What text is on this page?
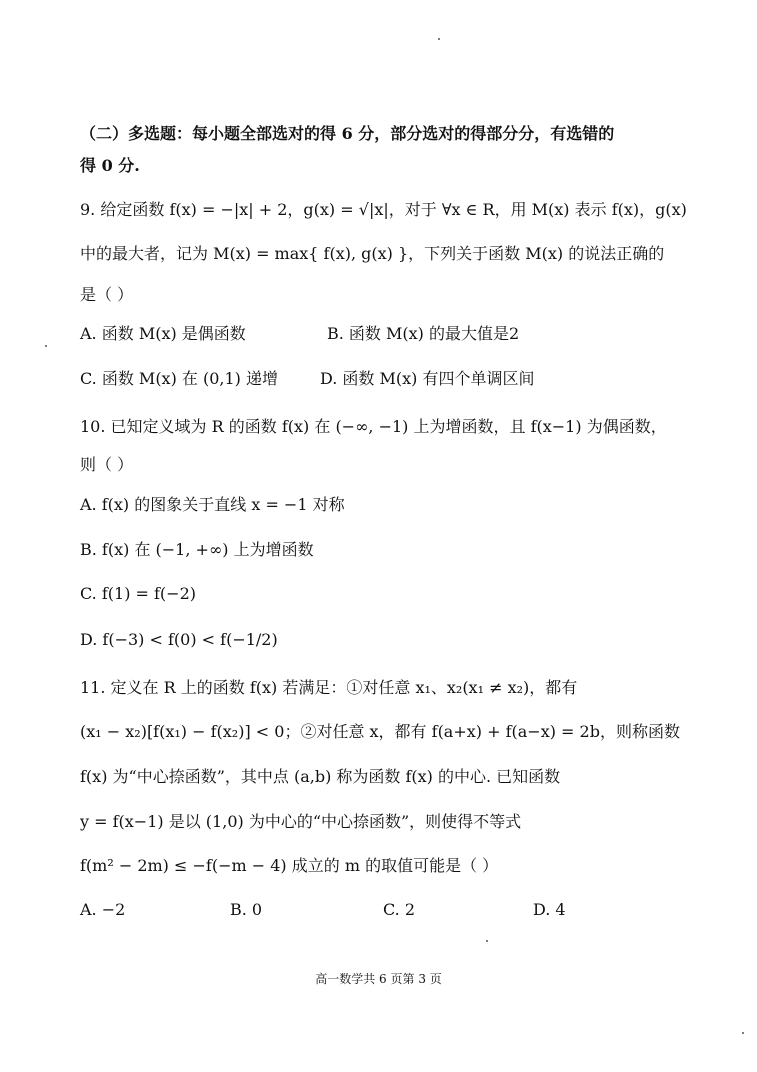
（二）多选题：每小题全部选对的得 6 分，部分选对的得部分分，有选错的
得 0 分.
9. 给定函数 f(x) = −|x| + 2，g(x) = √|x|，对于 ∀x ∈ R，用 M(x) 表示 f(x)，g(x)
中的最大者，记为 M(x) = max{ f(x), g(x) }，下列关于函数 M(x) 的说法正确的
是（ ）
A. 函数 M(x) 是偶函数	B. 函数 M(x) 的最大值是2
C. 函数 M(x) 在 (0,1) 递增	D. 函数 M(x) 有四个单调区间
10. 已知定义域为 R 的函数 f(x) 在 (−∞, −1) 上为增函数，且 f(x−1) 为偶函数，
则（ ）
A. f(x) 的图象关于直线 x = −1 对称
B. f(x) 在 (−1, +∞) 上为增函数
C. f(1) = f(−2)
D. f(−3) < f(0) < f(−1/2)
11. 定义在 R 上的函数 f(x) 若满足：①对任意 x₁、x₂(x₁ ≠ x₂)，都有
(x₁ − x₂)[f(x₁) − f(x₂)] < 0；②对任意 x，都有 f(a+x) + f(a−x) = 2b，则称函数
f(x) 为“中心捺函数”，其中点 (a,b) 称为函数 f(x) 的中心. 已知函数
y = f(x−1) 是以 (1,0) 为中心的“中心捺函数”，则使得不等式
f(m² − 2m) ≤ −f(−m − 4) 成立的 m 的取值可能是（ ）
A. −2	B. 0	C. 2	D. 4
高一数学共 6 页第 3 页
